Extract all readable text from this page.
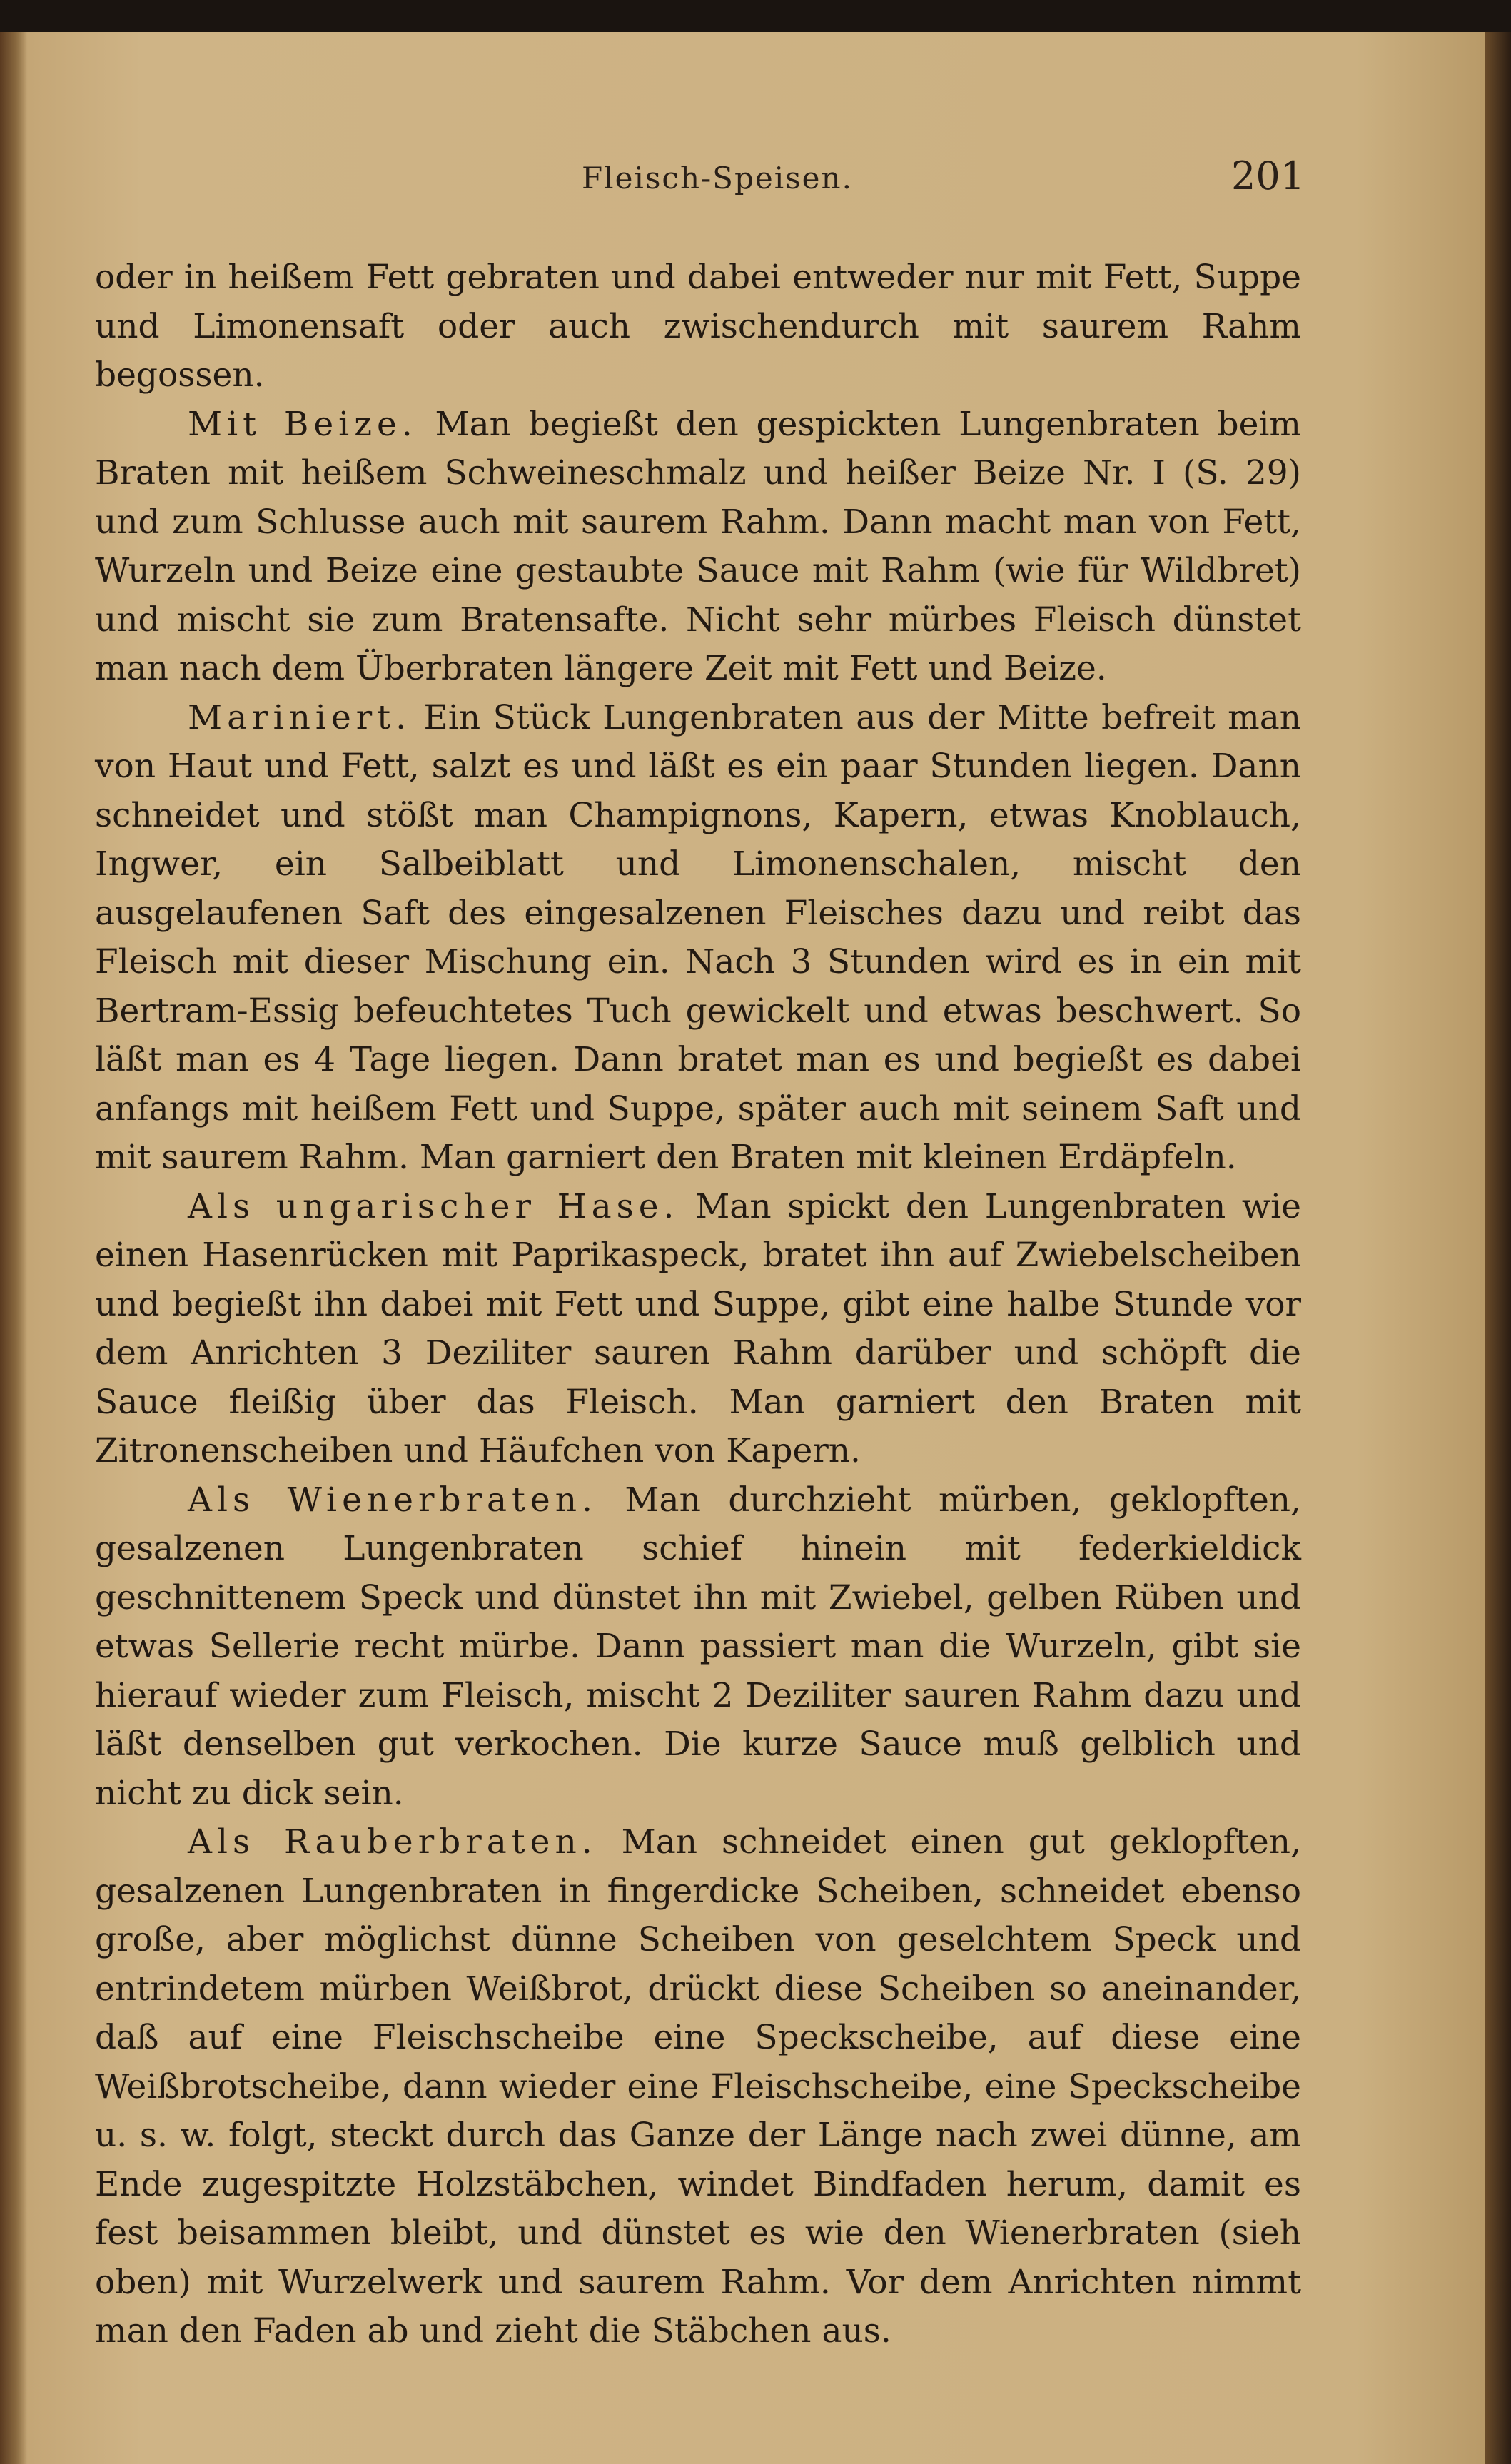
Fleisch-Speisen.	201

oder in heißem Fett gebraten und dabei entweder nur mit Fett, Suppe und Limonensaft oder auch zwischendurch mit saurem Rahm begossen.

Mit Beize. Man begießt den gespickten Lungenbraten beim Braten mit heißem Schweineschmalz und heißer Beize Nr. I (S. 29) und zum Schlusse auch mit saurem Rahm. Dann macht man von Fett, Wurzeln und Beize eine gestaubte Sauce mit Rahm (wie für Wildbret) und mischt sie zum Bratensafte. Nicht sehr mürbes Fleisch dünstet man nach dem Überbraten längere Zeit mit Fett und Beize.

Mariniert. Ein Stück Lungenbraten aus der Mitte befreit man von Haut und Fett, salzt es und läßt es ein paar Stunden liegen. Dann schneidet und stößt man Champignons, Kapern, etwas Knoblauch, Ingwer, ein Salbeiblatt und Limonenschalen, mischt den ausgelaufenen Saft des eingesalzenen Fleisches dazu und reibt das Fleisch mit dieser Mischung ein. Nach 3 Stunden wird es in ein mit Bertram-Essig befeuchtetes Tuch gewickelt und etwas beschwert. So läßt man es 4 Tage liegen. Dann bratet man es und begießt es dabei anfangs mit heißem Fett und Suppe, später auch mit seinem Saft und mit saurem Rahm. Man garniert den Braten mit kleinen Erdäpfeln.

Als ungarischer Hase. Man spickt den Lungenbraten wie einen Hasenrücken mit Paprikaspeck, bratet ihn auf Zwiebelscheiben und begießt ihn dabei mit Fett und Suppe, gibt eine halbe Stunde vor dem Anrichten 3 Deziliter sauren Rahm darüber und schöpft die Sauce fleißig über das Fleisch. Man garniert den Braten mit Zitronenscheiben und Häufchen von Kapern.

Als Wienerbraten. Man durchzieht mürben, geklopften, gesalzenen Lungenbraten schief hinein mit federkieldick geschnittenem Speck und dünstet ihn mit Zwiebel, gelben Rüben und etwas Sellerie recht mürbe. Dann passiert man die Wurzeln, gibt sie hierauf wieder zum Fleisch, mischt 2 Deziliter sauren Rahm dazu und läßt denselben gut verkochen. Die kurze Sauce muß gelblich und nicht zu dick sein.

Als Rauberbraten. Man schneidet einen gut geklopften, gesalzenen Lungenbraten in fingerdicke Scheiben, schneidet ebenso große, aber möglichst dünne Scheiben von geselchtem Speck und entrindetem mürben Weißbrot, drückt diese Scheiben so aneinander, daß auf eine Fleischscheibe eine Speckscheibe, auf diese eine Weißbrotscheibe, dann wieder eine Fleischscheibe, eine Speckscheibe u. s. w. folgt, steckt durch das Ganze der Länge nach zwei dünne, am Ende zugespitzte Holzstäbchen, windet Bindfaden herum, damit es fest beisammen bleibt, und dünstet es wie den Wienerbraten (sieh oben) mit Wurzelwerk und saurem Rahm. Vor dem Anrichten nimmt man den Faden ab und zieht die Stäbchen aus.
